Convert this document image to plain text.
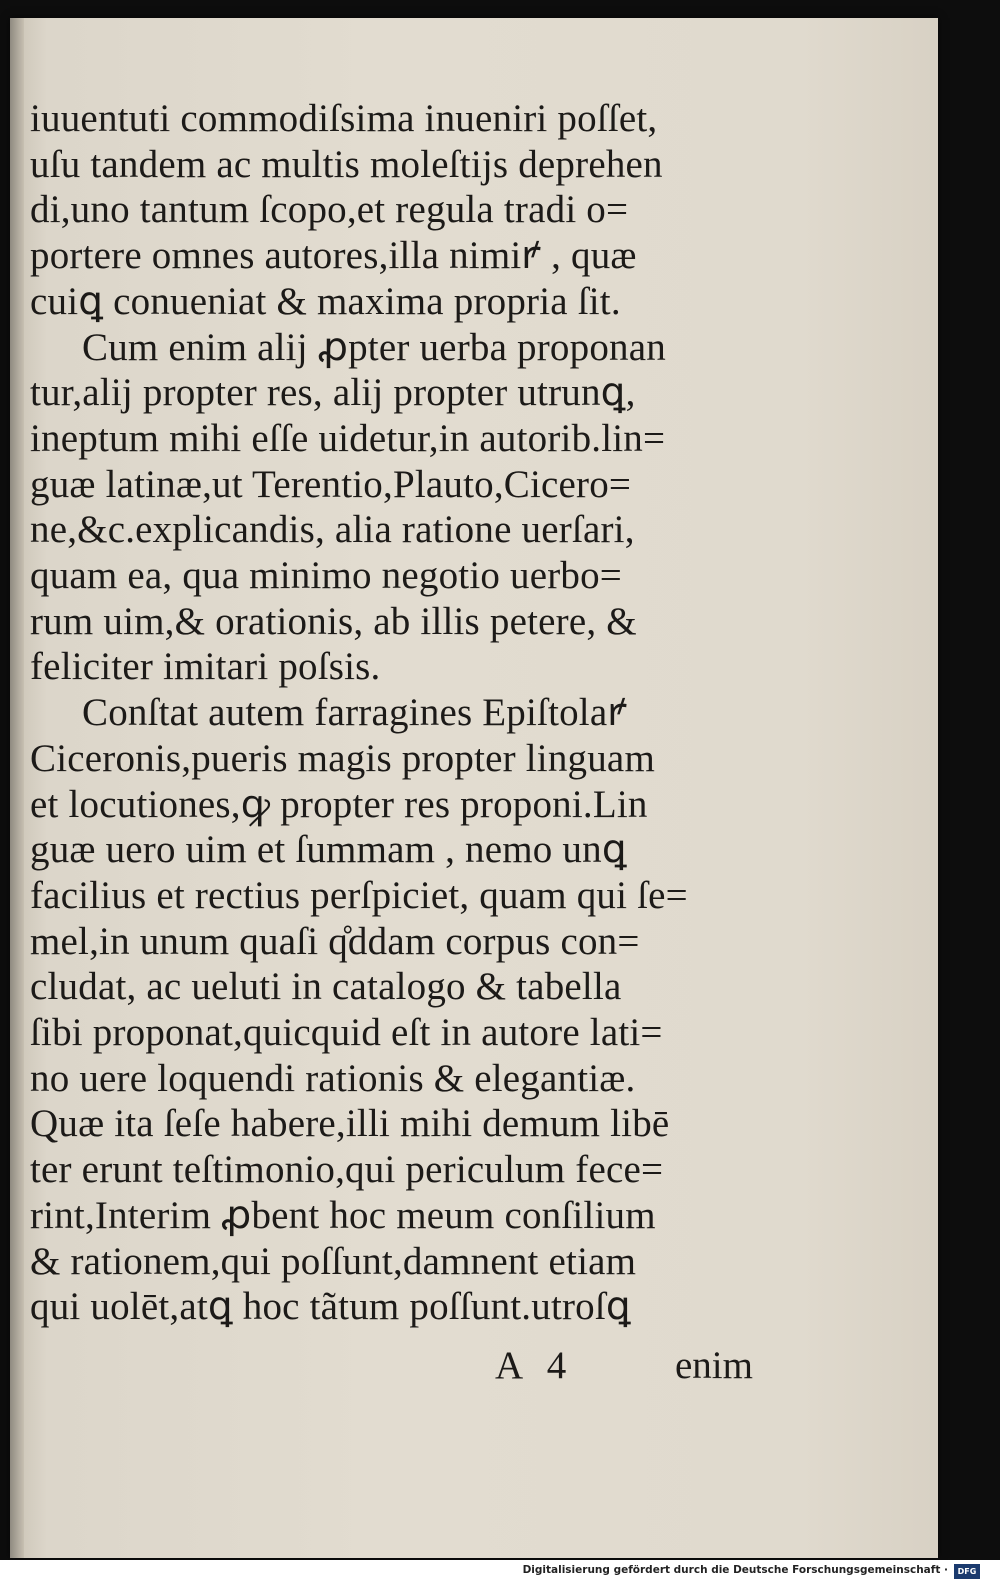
iuuentuti commodiſsima inueniri poſſet,
uſu tandem ac multis moleſtijs deprehen
di,uno tantum ſcopo,et regula tradi o=
portere omnes autores,illa nimiꝵ , quæ
cuiꝗ conueniat & maxima propria ſit.
Cum enim alij ꝓpter uerba proponan
tur,alij propter res, alij propter utrunꝗ,
ineptum mihi eſſe uidetur,in autorib.lin=
guæ latinæ,ut Terentio,Plauto,Cicero=
ne,&c.explicandis, alia ratione uerſari,
quam ea, qua minimo negotio uerbo=
rum uim,& orationis, ab illis petere, &
feliciter imitari poſsis.
Conſtat autem farragines Epiſtolaꝵ
Ciceronis,pueris magis propter linguam
et locutiones,ꝙ propter res proponi.Lin
guæ uero uim et ſummam , nemo unꝗ
facilius et rectius perſpiciet, quam qui ſe=
mel,in unum quaſi q̊ddam corpus con=
cludat, ac ueluti in catalogo & tabella
ſibi proponat,quicquid eſt in autore lati=
no uere loquendi rationis & elegantiæ.
Quæ ita ſeſe habere,illi mihi demum libē
ter erunt teſtimonio,qui periculum fece=
rint,Interim ꝓbent hoc meum conſilium
& rationem,qui poſſunt,damnent etiam
qui uolēt,atꝗ hoc tãtum poſſunt.utroſꝗ
A 4	enim
Digitalisierung gefördert durch die Deutsche Forschungsgemeinschaft ·	DFG
